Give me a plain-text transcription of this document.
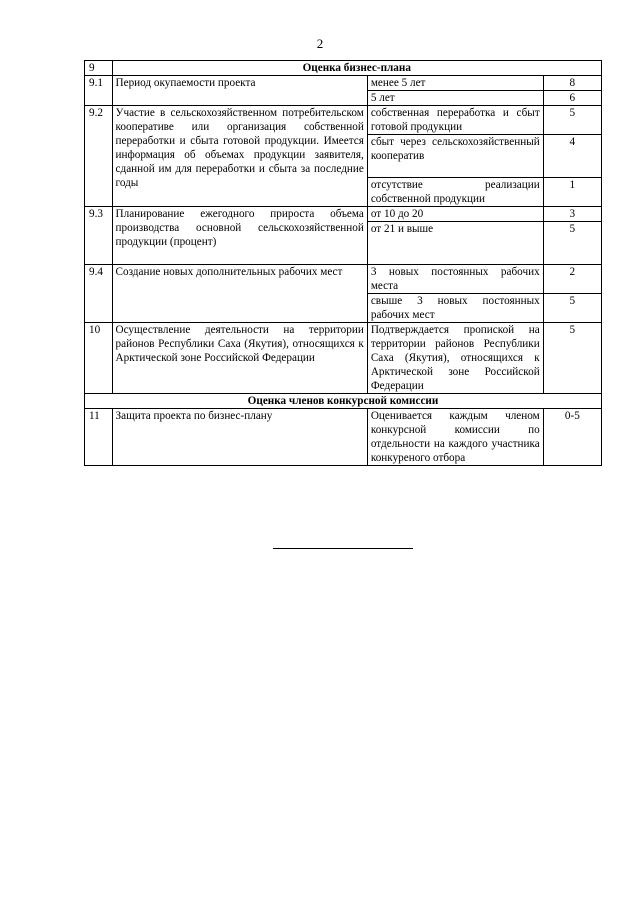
2
9	Оценка бизнес-плана		
9.1	Период окупаемости проекта	менее 5 лет	8
		5 лет	6
9.2	Участие в сельскохозяйственном потребительском кооперативе или организация собственной переработки и сбыта готовой продукции. Имеется информация об объемах продукции заявителя, сданной им для переработки и сбыта за последние годы	собственная переработка и сбыт готовой продукции	5
		сбыт через сельскохозяйственный кооператив	4
		отсутствие реализации собственной продукции	1
9.3	Планирование ежегодного прироста объема производства основной сельскохозяйственной продукции (процент)	от 10 до 20	3
		от 21 и выше	5
9.4	Создание новых дополнительных рабочих мест	3 новых постоянных рабочих места	2
		свыше 3 новых постоянных рабочих мест	5
10	Осуществление деятельности на территории районов Республики Саха (Якутия), относящихся к Арктической зоне Российской Федерации	Подтверждается пропиской на территории районов Республики Саха (Якутия), относящихся к Арктической зоне Российской Федерации	5
Оценка членов конкурсной комиссии			
11	Защита проекта по бизнес-плану	Оценивается каждым членом конкурсной комиссии по отдельности на каждого участника конкуреного отбора	0-5
